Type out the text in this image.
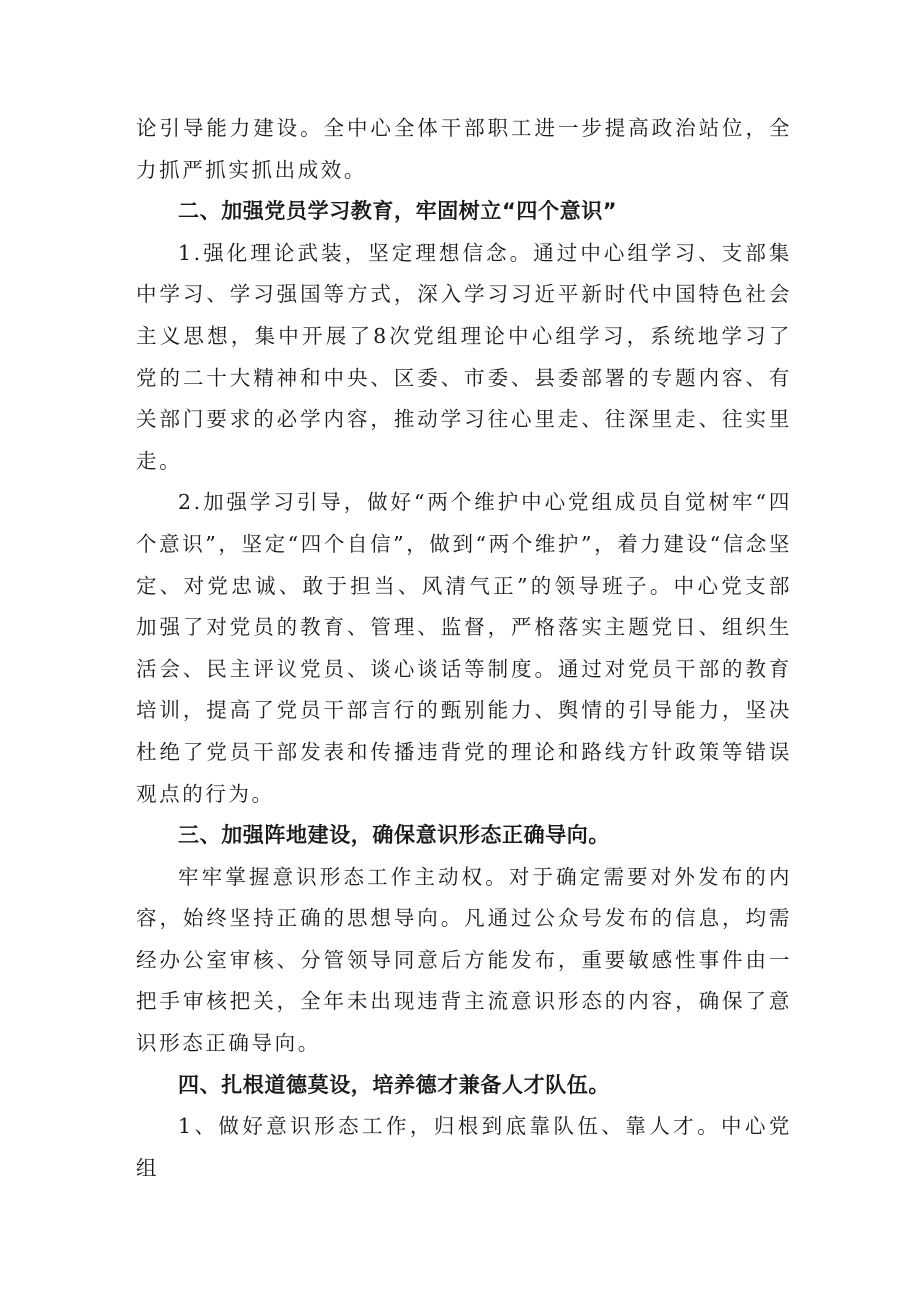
论引导能力建设。全中心全体干部职工进一步提高政治站位，全力抓严抓实抓出成效。

二、加强党员学习教育，牢固树立“四个意识”

1.强化理论武装，坚定理想信念。通过中心组学习、支部集中学习、学习强国等方式，深入学习习近平新时代中国特色社会主义思想，集中开展了8次党组理论中心组学习，系统地学习了党的二十大精神和中央、区委、市委、县委部署的专题内容、有关部门要求的必学内容，推动学习往心里走、往深里走、往实里走。

2.加强学习引导，做好“两个维护中心党组成员自觉树牢“四个意识”，坚定“四个自信”，做到“两个维护”，着力建设“信念坚定、对党忠诚、敢于担当、风清气正”的领导班子。中心党支部加强了对党员的教育、管理、监督，严格落实主题党日、组织生活会、民主评议党员、谈心谈话等制度。通过对党员干部的教育培训，提高了党员干部言行的甄别能力、舆情的引导能力，坚决杜绝了党员干部发表和传播违背党的理论和路线方针政策等错误观点的行为。

三、加强阵地建设，确保意识形态正确导向。

牢牢掌握意识形态工作主动权。对于确定需要对外发布的内容，始终坚持正确的思想导向。凡通过公众号发布的信息，均需经办公室审核、分管领导同意后方能发布，重要敏感性事件由一把手审核把关，全年未出现违背主流意识形态的内容，确保了意识形态正确导向。

四、扎根道德莫设，培养德才兼备人才队伍。

1、做好意识形态工作，归根到底靠队伍、靠人才。中心党组
